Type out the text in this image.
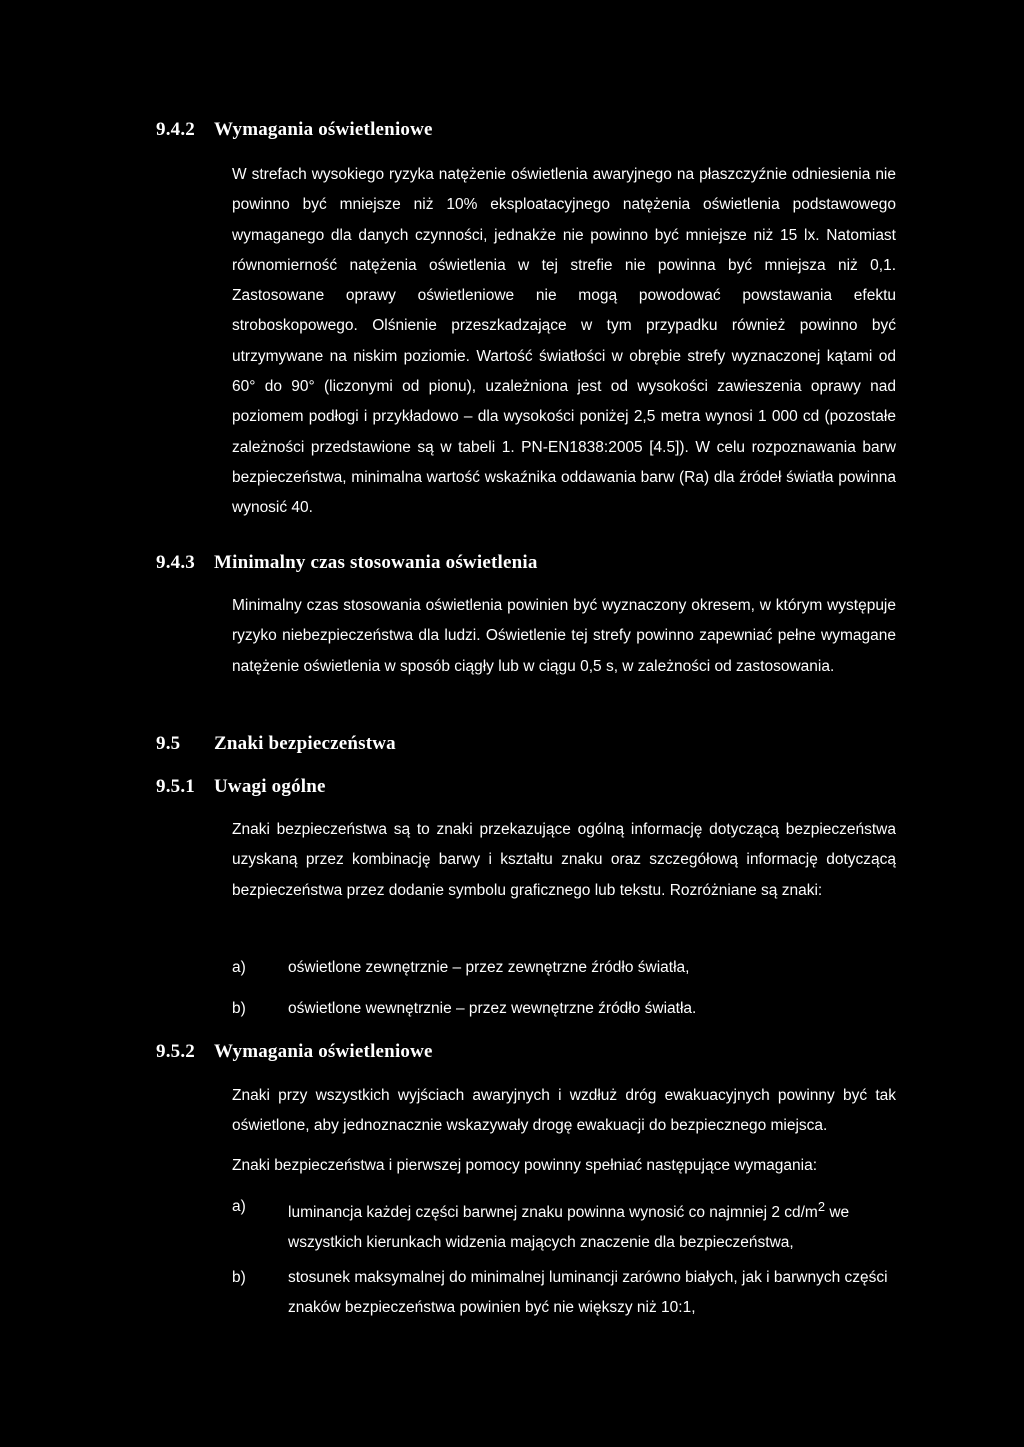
9.4.2	Wymagania oświetleniowe

W strefach wysokiego ryzyka natężenie oświetlenia awaryjnego na płaszczyźnie odniesienia nie powinno być mniejsze niż 10% eksploatacyjnego natężenia oświetlenia podstawowego wymaganego dla danych czynności, jednakże nie powinno być mniejsze niż 15 lx. Natomiast równomierność natężenia oświetlenia w tej strefie nie powinna być mniejsza niż 0,1. Zastosowane oprawy oświetleniowe nie mogą powodować powstawania efektu stroboskopowego. Olśnienie przeszkadzające w tym przypadku również powinno być utrzymywane na niskim poziomie. Wartość światłości w obrębie strefy wyznaczonej kątami od 60° do 90° (liczonymi od pionu), uzależniona jest od wysokości zawieszenia oprawy nad poziomem podłogi i przykładowo – dla wysokości poniżej 2,5 metra wynosi 1 000 cd (pozostałe zależności przedstawione są w tabeli 1. PN-EN1838:2005 [4.5]). W celu rozpoznawania barw bezpieczeństwa, minimalna wartość wskaźnika oddawania barw (Ra) dla źródeł światła powinna wynosić 40.

9.4.3	Minimalny czas stosowania oświetlenia

Minimalny czas stosowania oświetlenia powinien być wyznaczony okresem, w którym występuje ryzyko niebezpieczeństwa dla ludzi. Oświetlenie tej strefy powinno zapewniać pełne wymagane natężenie oświetlenia w sposób ciągły lub w ciągu 0,5 s, w zależności od zastosowania.

9.5	Znaki bezpieczeństwa
9.5.1	Uwagi ogólne

Znaki bezpieczeństwa są to znaki przekazujące ogólną informację dotyczącą bezpieczeństwa uzyskaną przez kombinację barwy i kształtu znaku oraz szczegółową informację dotyczącą bezpieczeństwa przez dodanie symbolu graficznego lub tekstu. Rozróżniane są znaki:

a)	oświetlone zewnętrznie – przez zewnętrzne źródło światła,
b)	oświetlone wewnętrznie – przez wewnętrzne źródło światła.
9.5.2	Wymagania oświetleniowe

Znaki przy wszystkich wyjściach awaryjnych i wzdłuż dróg ewakuacyjnych powinny być tak oświetlone, aby jednoznacznie wskazywały drogę ewakuacji do bezpiecznego miejsca.

Znaki bezpieczeństwa i pierwszej pomocy powinny spełniać następujące wymagania:

a)	luminancja każdej części barwnej znaku powinna wynosić co najmniej 2 $cd/m^2$ we wszystkich kierunkach widzenia mających znaczenie dla bezpieczeństwa,
b)	stosunek maksymalnej do minimalnej luminancji zarówno białych, jak i barwnych części znaków bezpieczeństwa powinien być nie większy niż 10:1,
